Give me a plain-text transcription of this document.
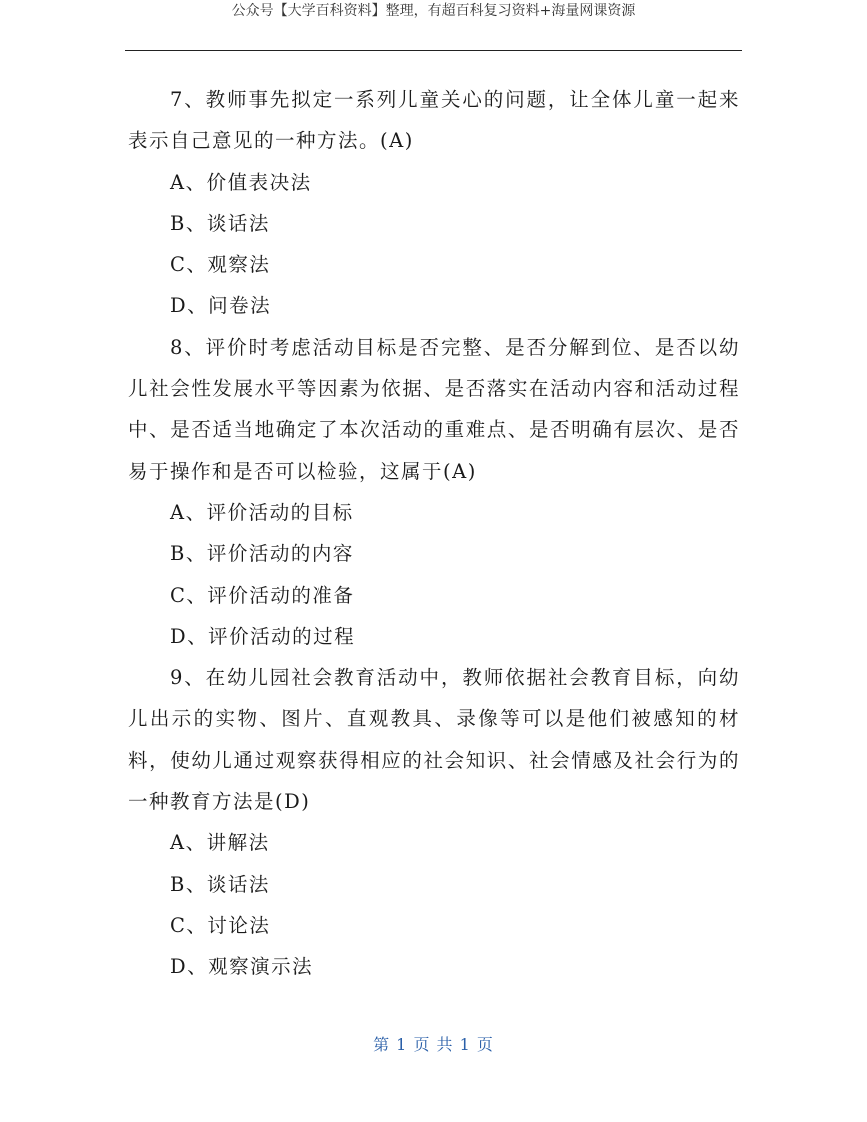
公众号【大学百科资料】整理，有超百科复习资料+海量网课资源

7、教师事先拟定一系列儿童关心的问题，让全体儿童一起来表示自己意见的一种方法。(A)

A、价值表决法

B、谈话法

C、观察法

D、问卷法

8、评价时考虑活动目标是否完整、是否分解到位、是否以幼儿社会性发展水平等因素为依据、是否落实在活动内容和活动过程中、是否适当地确定了本次活动的重难点、是否明确有层次、是否易于操作和是否可以检验，这属于(A)

A、评价活动的目标

B、评价活动的内容

C、评价活动的准备

D、评价活动的过程

9、在幼儿园社会教育活动中，教师依据社会教育目标，向幼儿出示的实物、图片、直观教具、录像等可以是他们被感知的材料，使幼儿通过观察获得相应的社会知识、社会情感及社会行为的一种教育方法是(D)

A、讲解法

B、谈话法

C、讨论法

D、观察演示法

第 1 页 共 1 页
